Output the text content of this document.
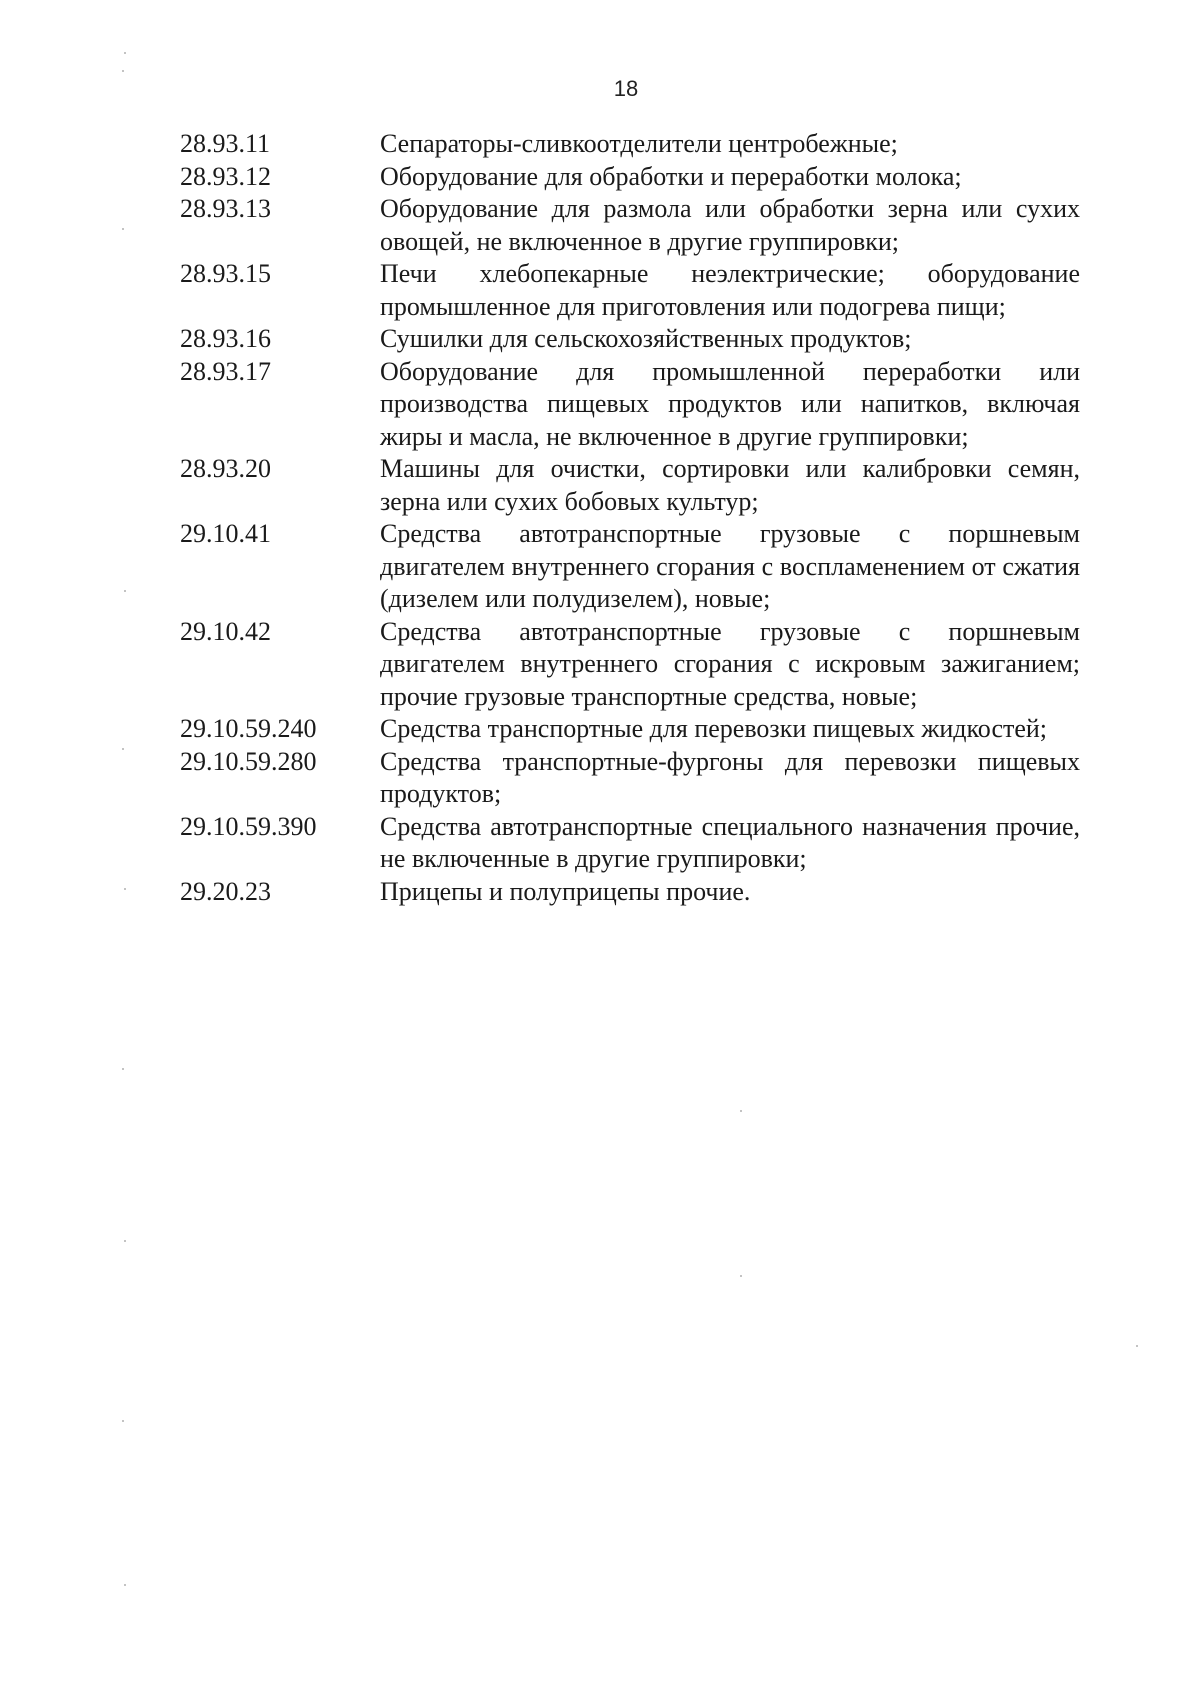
18
28.93.11	Сепараторы-сливкоотделители центробежные;
28.93.12	Оборудование для обработки и переработки молока;
28.93.13	Оборудование для размола или обработки зерна или сухих овощей, не включенное в другие группировки;
28.93.15	Печи хлебопекарные неэлектрические; оборудование промышленное для приготовления или подогрева пищи;
28.93.16	Сушилки для сельскохозяйственных продуктов;
28.93.17	Оборудование для промышленной переработки или производства пищевых продуктов или напитков, включая жиры и масла, не включенное в другие группировки;
28.93.20	Машины для очистки, сортировки или калибровки семян, зерна или сухих бобовых культур;
29.10.41	Средства автотранспортные грузовые с поршневым двигателем внутреннего сгорания с воспламенением от сжатия (дизелем или полудизелем), новые;
29.10.42	Средства автотранспортные грузовые с поршневым двигателем внутреннего сгорания с искровым зажиганием; прочие грузовые транспортные средства, новые;
29.10.59.240	Средства транспортные для перевозки пищевых жидкостей;
29.10.59.280	Средства транспортные-фургоны для перевозки пищевых продуктов;
29.10.59.390	Средства автотранспортные специального назначения прочие, не включенные в другие группировки;
29.20.23	Прицепы и полуприцепы прочие.
